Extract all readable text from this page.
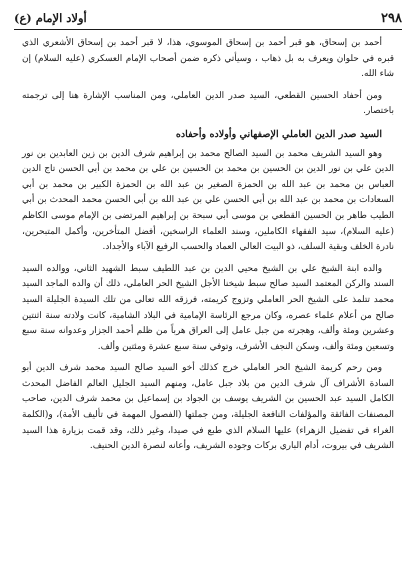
٢٩٨
أولاد الإمام (ع)

أحمد بن إسحاق، هو قبر أحمد بن إسحاق الموسوي، هذا، لا قبر أحمد بن إسحاق الأشعري الذي قبره في حلوان ويعرف به بل ذهاب ، وسيأتي ذكره ضمن أصحاب الإمام العسكري (عليه السلام) إن شاء الله.

ومن أحفاد الحسين القطعي، السيد صدر الدين العاملي، ومن المناسب الإشارة هنا إلى ترجمته باختصار.

السيد صدر الدين العاملي الإصفهاني وأولاده وأحفاده

وهو السيد الشريف محمد بن السيد الصالح محمد بن إبراهيم شرف الدين بن زين العابدين بن نور الدين علي بن نور الدين بن الحسين بن محمد بن الحسين بن علي بن محمد بن أبي الحسن تاج الدين العباس بن محمد بن عبد الله بن الحمزة الصغير بن عبد الله بن الحمزة الكبير بن محمد بن أبي السعادات بن محمد بن عبد الله بن أبي الحسن علي بن عبد الله بن أبي الحسن محمد المحدث بن أبي الطيب طاهر بن الحسين القطعي بن موسى أبي سبحة بن إبراهيم المرتضى بن الإمام موسى الكاظم (عليه السلام)، سيد الفقهاء الكاملين، وسند العلماء الراسخين، أفضل المتأخرين، وأكمل المتبحرين، نادرة الخلف وبقية السلف، ذو البيت العالي العماد والحسب الرفيع الآباء والأجداد.

والده ابنة الشيخ علي بن الشيخ محيي الدين بن عبد اللطيف سبط الشهيد الثاني، ووالده السيد السند والركن المعتمد السيد صالح سبط شيخنا الأجل الشيخ الحر العاملي، ذلك أن والده الماجد السيد محمد تتلمذ على الشيخ الحر العاملي وتزوج كريمته، فرزقه الله تعالى من تلك السيدة الجليلة السيد صالح من أعلام علماء عصره، وكان مرجع الرئاسة الإمامية في البلاد الشامية، كانت ولادته سنة اثنتين وعشرين ومئة وألف، وهجرته من جبل عامل إلى العراق هرباً من ظلم أحمد الجزار وعدوانه سنة سبع وتسعين ومئة وألف، وسكن النجف الأشرف، وتوفي سنة سبع عشرة ومئتين وألف.

ومن رحم كريمة الشيخ الحر العاملي خرج كذلك أخو السيد صالح السيد محمد شرف الدين أبو السادة الأشراف آل شرف الدين من بلاد جبل عامل، ومنهم السيد الجليل العالم الفاضل المحدث الكامل السيد عبد الحسين بن الشريف يوسف بن الجواد بن إسماعيل بن محمد شرف الدين، صاحب المصنفات الفائقة والمؤلفات النافعة الجليلة، ومن جملتها (الفصول المهمة في تأليف الأمة)، و(الكلمة الغراء في تفضيل الزهراء) عليها السلام الذي طبع في صيدا، وغير ذلك، وقد قمت بزيارة هذا السيد الشريف في بيروت، أدام الباري بركات وجوده الشريف، وأعانه لنصرة الدين الحنيف.
